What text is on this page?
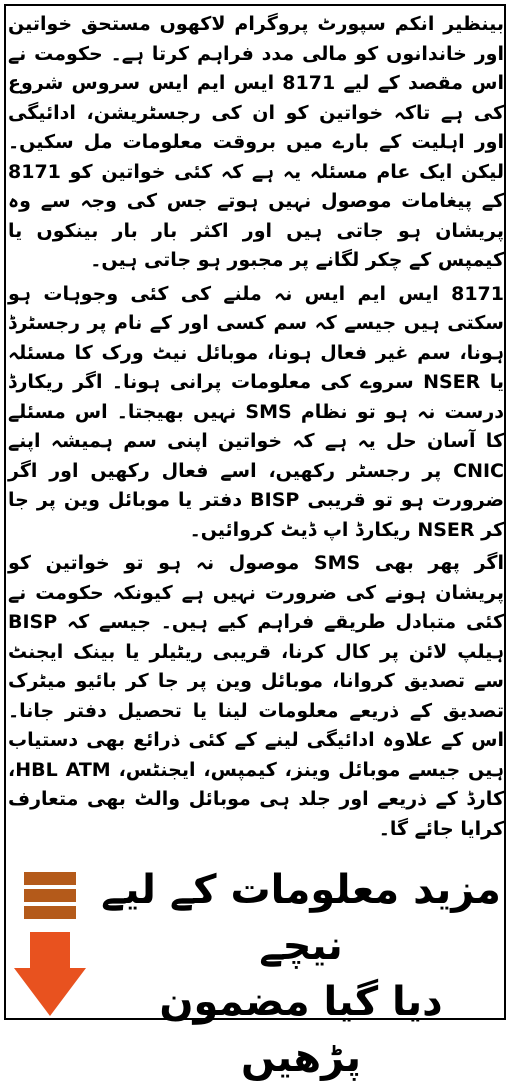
بینظیر انکم سپورٹ پروگرام لاکھوں مستحق خواتین اور خاندانوں کو مالی مدد فراہم کرتا ہے۔ حکومت نے اس مقصد کے لیے 8171 ایس ایم ایس سروس شروع کی ہے تاکہ خواتین کو ان کی رجسٹریشن، ادائیگی اور اہلیت کے بارے میں بروقت معلومات مل سکیں۔ لیکن ایک عام مسئلہ یہ ہے کہ کئی خواتین کو 8171 کے پیغامات موصول نہیں ہوتے جس کی وجہ سے وہ پریشان ہو جاتی ہیں اور اکثر بار بار بینکوں یا کیمپس کے چکر لگانے پر مجبور ہو جاتی ہیں۔

8171 ایس ایم ایس نہ ملنے کی کئی وجوہات ہو سکتی ہیں جیسے کہ سم کسی اور کے نام پر رجسٹرڈ ہونا، سم غیر فعال ہونا، موبائل نیٹ ورک کا مسئلہ یا NSER سروے کی معلومات پرانی ہونا۔ اگر ریکارڈ درست نہ ہو تو نظام SMS نہیں بھیجتا۔ اس مسئلے کا آسان حل یہ ہے کہ خواتین اپنی سم ہمیشہ اپنے CNIC پر رجسٹر رکھیں، اسے فعال رکھیں اور اگر ضرورت ہو تو قریبی BISP دفتر یا موبائل وین پر جا کر NSER ریکارڈ اپ ڈیٹ کروائیں۔

اگر پھر بھی SMS موصول نہ ہو تو خواتین کو پریشان ہونے کی ضرورت نہیں ہے کیونکہ حکومت نے کئی متبادل طریقے فراہم کیے ہیں۔ جیسے کہ BISP ہیلپ لائن پر کال کرنا، قریبی ریٹیلر یا بینک ایجنٹ سے تصدیق کروانا، موبائل وین پر جا کر بائیو میٹرک تصدیق کے ذریعے معلومات لینا یا تحصیل دفتر جانا۔ اس کے علاوہ ادائیگی لینے کے کئی ذرائع بھی دستیاب ہیں جیسے موبائل وینز، کیمپس، ایجنٹس، HBL ATM، کارڈ کے ذریعے اور جلد ہی موبائل والٹ بھی متعارف کرایا جائے گا۔

مزید معلومات کے لیے نیچے
دیا گیا مضمون پڑھیں
